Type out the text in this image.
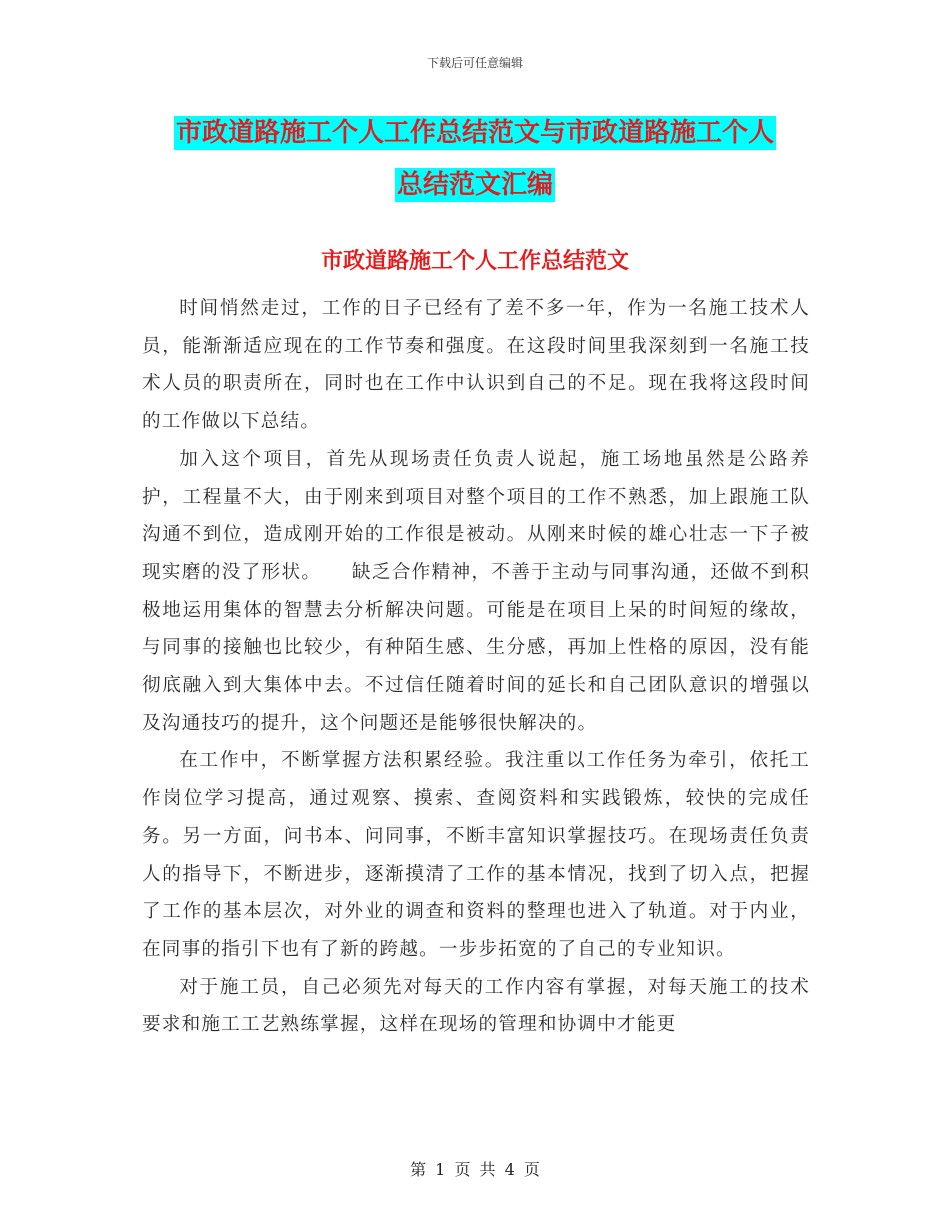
下载后可任意编辑
市政道路施工个人工作总结范文与市政道路施工个人
总结范文汇编
市政道路施工个人工作总结范文

时间悄然走过，工作的日子已经有了差不多一年，作为一名施工技术人员，能渐渐适应现在的工作节奏和强度。在这段时间里我深刻到一名施工技术人员的职责所在，同时也在工作中认识到自己的不足。现在我将这段时间的工作做以下总结。

加入这个项目，首先从现场责任负责人说起，施工场地虽然是公路养护，工程量不大，由于刚来到项目对整个项目的工作不熟悉，加上跟施工队沟通不到位，造成刚开始的工作很是被动。从刚来时候的雄心壮志一下子被现实磨的没了形状。　　缺乏合作精神，不善于主动与同事沟通，还做不到积极地运用集体的智慧去分析解决问题。可能是在项目上呆的时间短的缘故，与同事的接触也比较少，有种陌生感、生分感，再加上性格的原因，没有能彻底融入到大集体中去。不过信任随着时间的延长和自己团队意识的增强以及沟通技巧的提升，这个问题还是能够很快解决的。

在工作中，不断掌握方法积累经验。我注重以工作任务为牵引，依托工作岗位学习提高，通过观察、摸索、查阅资料和实践锻炼，较快的完成任务。另一方面，问书本、问同事，不断丰富知识掌握技巧。在现场责任负责人的指导下，不断进步，逐渐摸清了工作的基本情况，找到了切入点，把握了工作的基本层次，对外业的调查和资料的整理也进入了轨道。对于内业，在同事的指引下也有了新的跨越。一步步拓宽的了自己的专业知识。

对于施工员，自己必须先对每天的工作内容有掌握，对每天施工的技术要求和施工工艺熟练掌握，这样在现场的管理和协调中才能更

第 1 页 共 4 页
